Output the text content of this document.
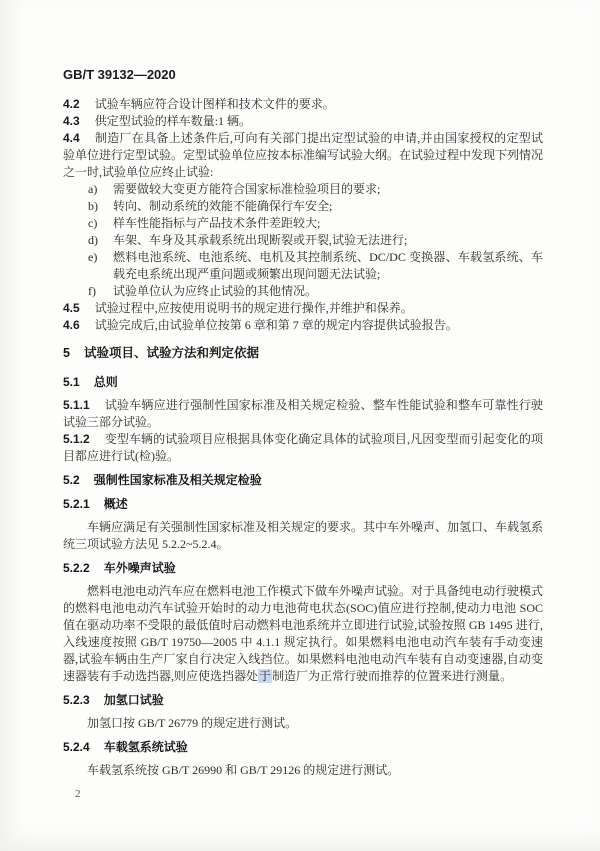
GB/T 39132—2020

4.2 试验车辆应符合设计图样和技术文件的要求。

4.3 供定型试验的样车数量:1 辆。

4.4 制造厂在具备上述条件后,可向有关部门提出定型试验的申请,并由国家授权的定型试验单位进行定型试验。定型试验单位应按本标准编写试验大纲。在试验过程中发现下列情况之一时,试验单位应终止试验:

a) 需要做较大变更方能符合国家标准检验项目的要求;

b) 转向、制动系统的效能不能确保行车安全;

c) 样车性能指标与产品技术条件差距较大;

d) 车架、车身及其承载系统出现断裂或开裂,试验无法进行;

e) 燃料电池系统、电池系统、电机及其控制系统、DC/DC 变换器、车载氢系统、车载充电系统出现严重问题或频繁出现问题无法试验;

f) 试验单位认为应终止试验的其他情况。

4.5 试验过程中,应按使用说明书的规定进行操作,并维护和保养。

4.6 试验完成后,由试验单位按第 6 章和第 7 章的规定内容提供试验报告。

5 试验项目、试验方法和判定依据

5.1 总则

5.1.1 试验车辆应进行强制性国家标准及相关规定检验、整车性能试验和整车可靠性行驶试验三部分试验。

5.1.2 变型车辆的试验项目应根据具体变化确定具体的试验项目,凡因变型而引起变化的项目都应进行试(检)验。

5.2 强制性国家标准及相关规定检验

5.2.1 概述

车辆应满足有关强制性国家标准及相关规定的要求。其中车外噪声、加氢口、车载氢系统三项试验方法见 5.2.2~5.2.4。

5.2.2 车外噪声试验

燃料电池电动汽车应在燃料电池工作模式下做车外噪声试验。对于具备纯电动行驶模式的燃料电池电动汽车试验开始时的动力电池荷电状态(SOC)值应进行控制,使动力电池 SOC 值在驱动功率不受限的最低值时启动燃料电池系统并立即进行试验,试验按照 GB 1495 进行,入线速度按照 GB/T 19750—2005 中 4.1.1 规定执行。如果燃料电池电动汽车装有手动变速器,试验车辆由生产厂家自行决定入线挡位。如果燃料电池电动汽车装有自动变速器,自动变速器装有手动选挡器,则应使选挡器处于制造厂为正常行驶而推荐的位置来进行测量。

5.2.3 加氢口试验

加氢口按 GB/T 26779 的规定进行测试。

5.2.4 车载氢系统试验

车载氢系统按 GB/T 26990 和 GB/T 29126 的规定进行测试。

2
